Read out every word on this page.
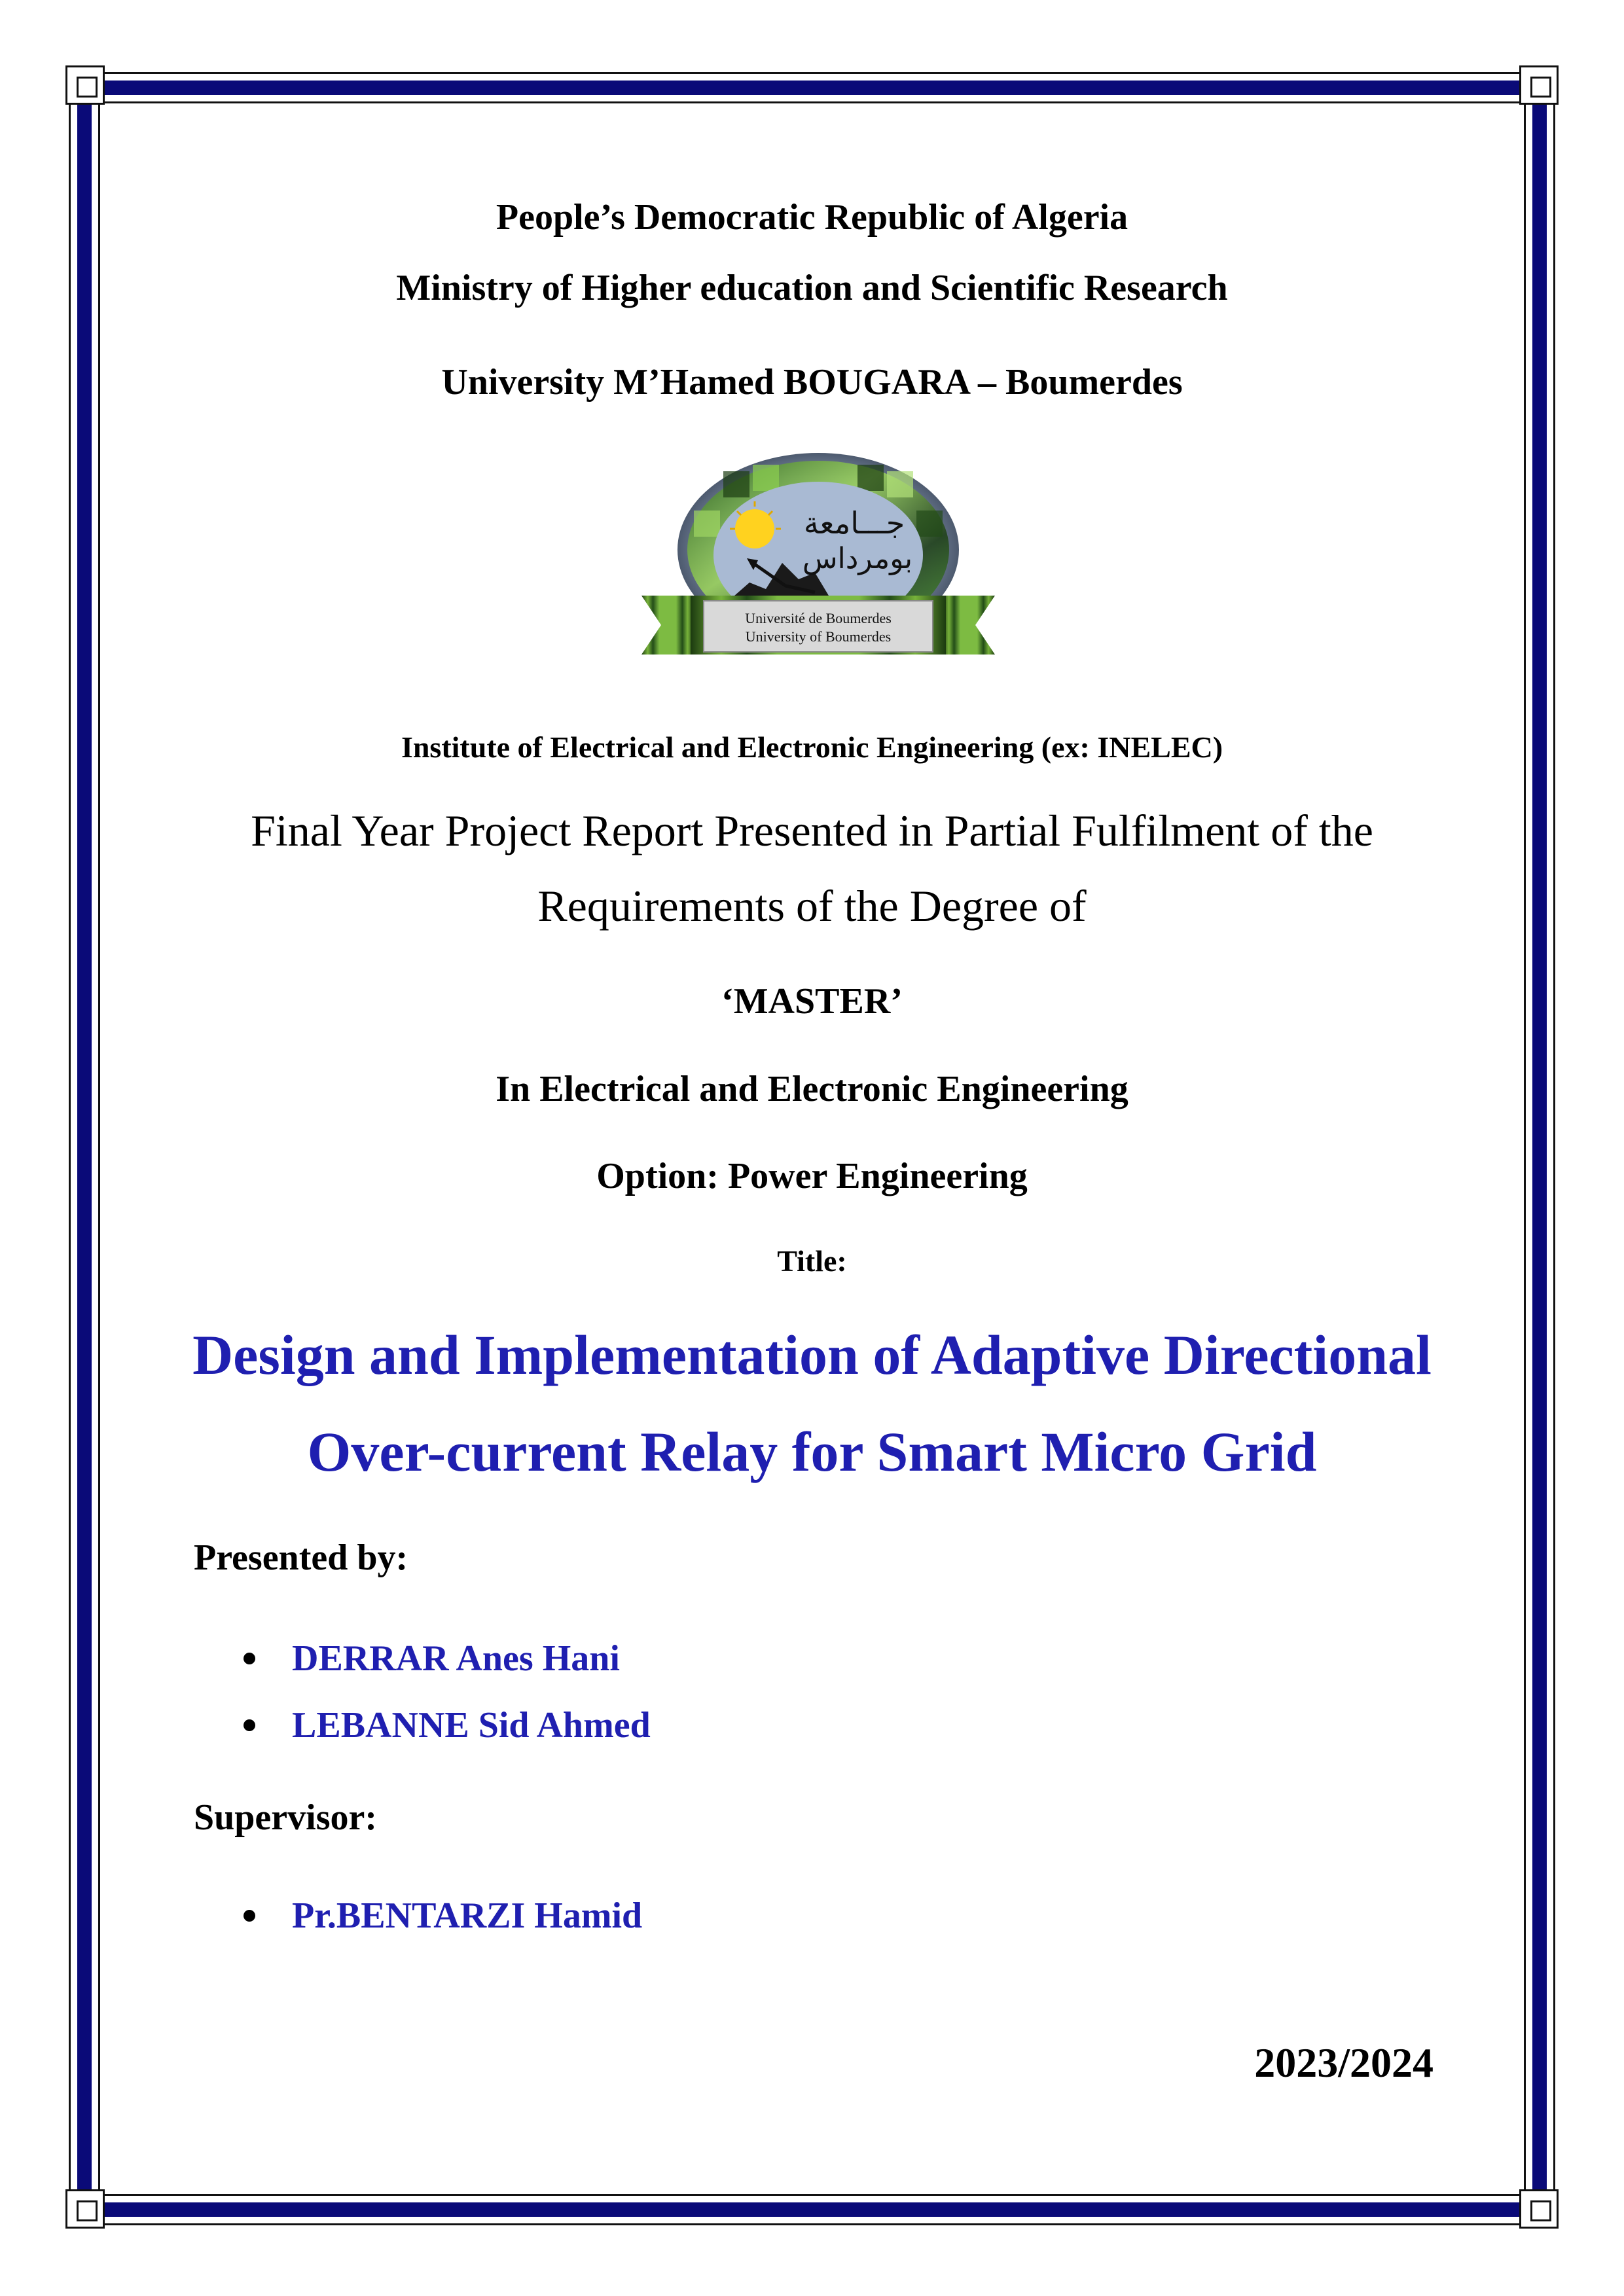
People’s Democratic Republic of Algeria

Ministry of Higher education and Scientific Research

University M’Hamed BOUGARA – Boumerdes

جـــامعة
بومرداس
Université de Boumerdes
University of Boumerdes

Institute of Electrical and Electronic Engineering (ex: INELEC)

Final Year Project Report Presented in Partial Fulfilment of the

Requirements of the Degree of

‘MASTER’

In Electrical and Electronic Engineering

Option: Power Engineering

Title:

Design and Implementation of Adaptive Directional

Over-current Relay for Smart Micro Grid

Presented by:

DERRAR Anes Hani

LEBANNE Sid Ahmed

Supervisor:

Pr.BENTARZI Hamid

2023/2024
